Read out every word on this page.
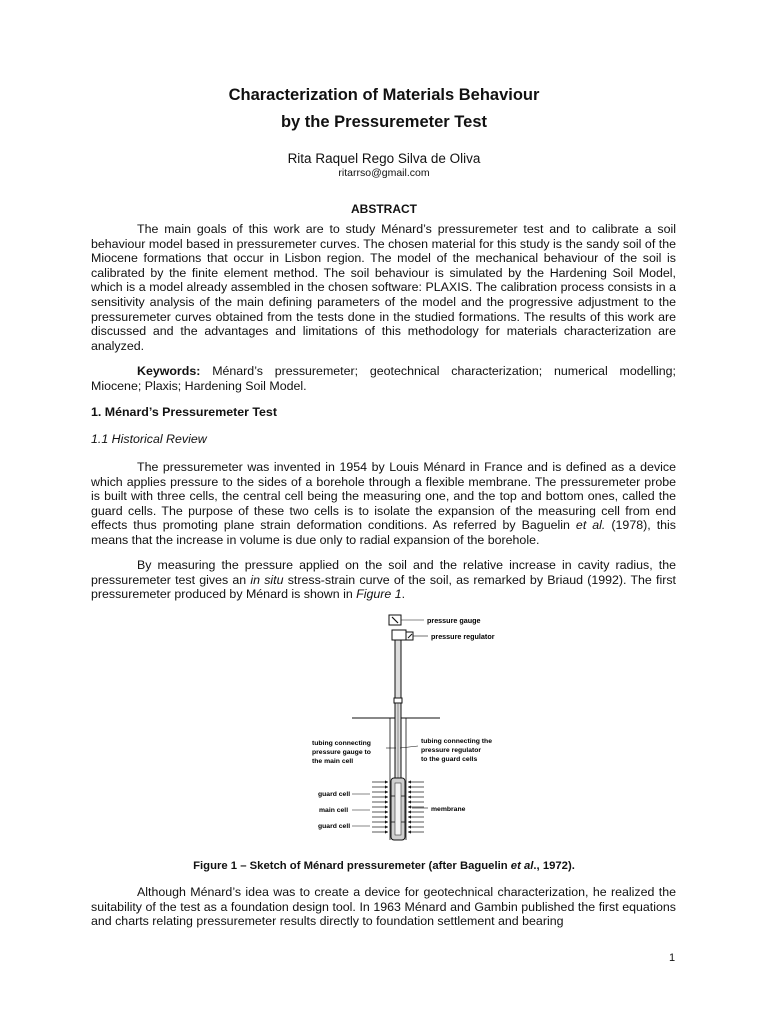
Characterization of Materials Behaviour
by the Pressuremeter Test
Rita Raquel Rego Silva de Oliva
ritarrso@gmail.com
ABSTRACT

The main goals of this work are to study Ménard’s pressuremeter test and to calibrate a soil behaviour model based in pressuremeter curves. The chosen material for this study is the sandy soil of the Miocene formations that occur in Lisbon region. The model of the mechanical behaviour of the soil is calibrated by the finite element method. The soil behaviour is simulated by the Hardening Soil Model, which is a model already assembled in the chosen software: PLAXIS. The calibration process consists in a sensitivity analysis of the main defining parameters of the model and the progressive adjustment to the pressuremeter curves obtained from the tests done in the studied formations. The results of this work are discussed and the advantages and limitations of this methodology for materials characterization are analyzed.

Keywords: Ménard’s pressuremeter; geotechnical characterization; numerical modelling; Miocene; Plaxis; Hardening Soil Model.

1. Ménard’s Pressuremeter Test
1.1 Historical Review

The pressuremeter was invented in 1954 by Louis Ménard in France and is defined as a device which applies pressure to the sides of a borehole through a flexible membrane. The pressuremeter probe is built with three cells, the central cell being the measuring one, and the top and bottom ones, called the guard cells. The purpose of these two cells is to isolate the expansion of the measuring cell from end effects thus promoting plane strain deformation conditions. As referred by Baguelin et al. (1978), this means that the increase in volume is due only to radial expansion of the borehole.

By measuring the pressure applied on the soil and the relative increase in cavity radius, the pressuremeter test gives an in situ stress-strain curve of the soil, as remarked by Briaud (1992). The first pressuremeter produced by Ménard is shown in Figure 1.

pressure gauge
pressure regulator
tubing connecting
pressure gauge to
the main cell
tubing connecting the
pressure regulator
to the guard cells
guard cell
main cell
guard cell
membrane
Figure 1 – Sketch of Ménard pressuremeter (after Baguelin et al., 1972).

Although Ménard’s idea was to create a device for geotechnical characterization, he realized the suitability of the test as a foundation design tool. In 1963 Ménard and Gambin published the first equations and charts relating pressuremeter results directly to foundation settlement and bearing

1
